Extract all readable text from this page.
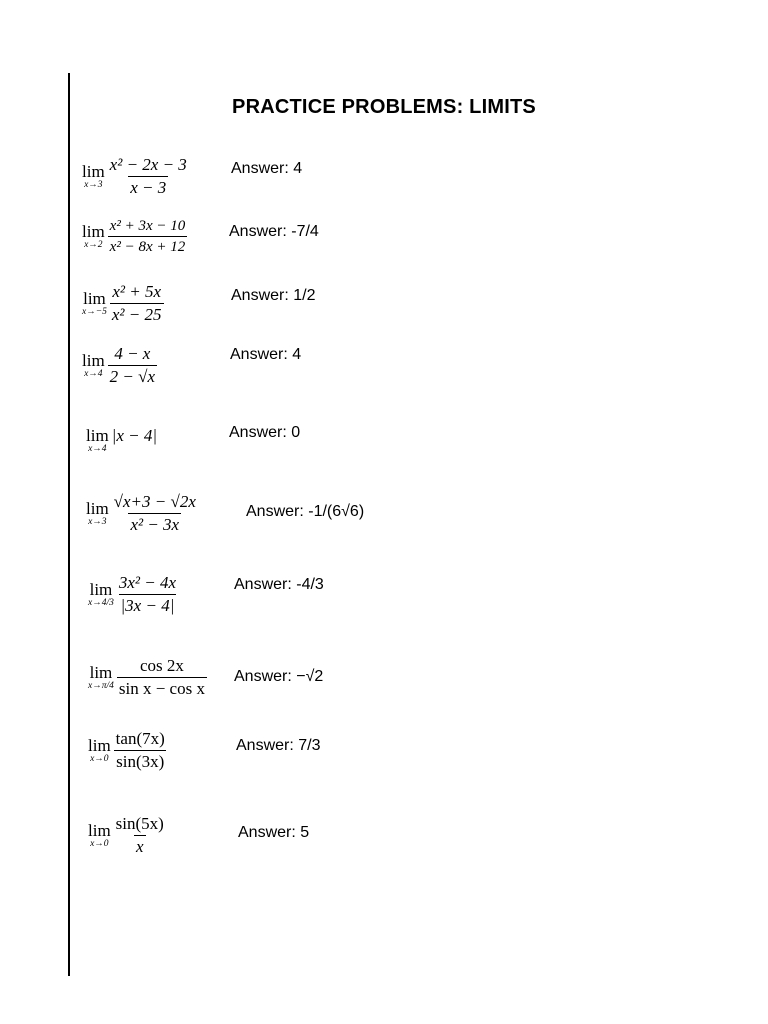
PRACTICE PROBLEMS: LIMITS
lim
$x\to 3 \frac{\text{x² − 2x − 3}}{x - 3}$	Answer: 4
lim
$x\to 2 \frac{\text{x² + 3x − 10}}{\text{x² − 8x + 12}}$	Answer: -7/4
lim
$x\to-5 \frac{\text{x² + 5x}}{\text{x² − 25}}$	Answer: 1/2
lim
$x\to 4 \frac{4 - x}{2 - √x}$	Answer: 4
lim
x→4
|x − 4|	Answer: 0
lim
$x\to 3 \frac{√x+3 - √2x}{\text{x² − 3x}}$	Answer: -1/(6√6)
lim
$x\to 4/3 \frac{\text{3x² − 4x}}{|3x - 4|}$	Answer: -4/3
lim
$x\to\pi/4 \frac{\cos 2x}{\text{sin x − cos x}}$ Answer: −√2
lim
$x\to 0 \frac{\tan(7x)}{\sin(3x)}$	Answer: 7/3
lim
$x\to 0 \frac{\sin(5x)}{x}$	Answer: 5
